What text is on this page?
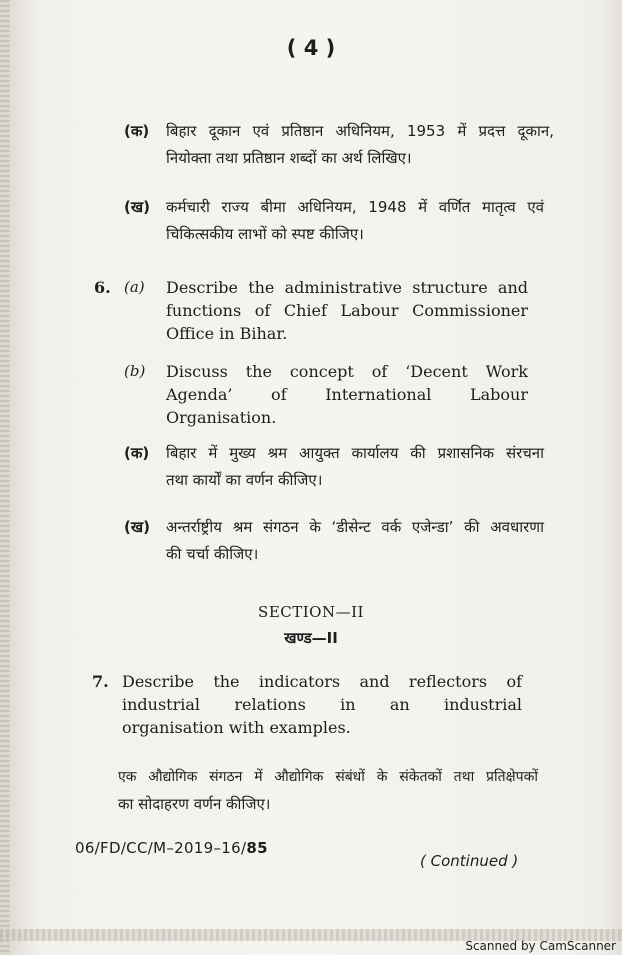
( 4 )
(क)	बिहार दूकान एवं प्रतिष्ठान अधिनियम, 1953 में प्रदत्त दूकान,
नियोक्ता तथा प्रतिष्ठान शब्दों का अर्थ लिखिए।
(ख)	कर्मचारी राज्य बीमा अधिनियम, 1948 में वर्णित मातृत्व एवं
चिकित्सकीय लाभों को स्पष्ट कीजिए।
6. (a)	Describe the administrative structure and
functions of Chief Labour Commissioner
Office in Bihar.
(b)	Discuss the concept of ‘Decent Work
Agenda’ of International Labour
Organisation.
(क)	बिहार में मुख्य श्रम आयुक्त कार्यालय की प्रशासनिक संरचना
तथा कार्यों का वर्णन कीजिए।
(ख)	अन्तर्राष्ट्रीय श्रम संगठन के ‘डीसेन्ट वर्क एजेन्डा’ की अवधारणा
की चर्चा कीजिए।
SECTION—II
खण्ड—II
7. Describe the indicators and reflectors of
industrial relations in an industrial
organisation with examples.
एक औद्योगिक संगठन में औद्योगिक संबंधों के संकेतकों तथा प्रतिक्षेपकों
का सोदाहरण वर्णन कीजिए।
06/FD/CC/M–2019–16/85
( Continued )
Scanned by CamScanner
